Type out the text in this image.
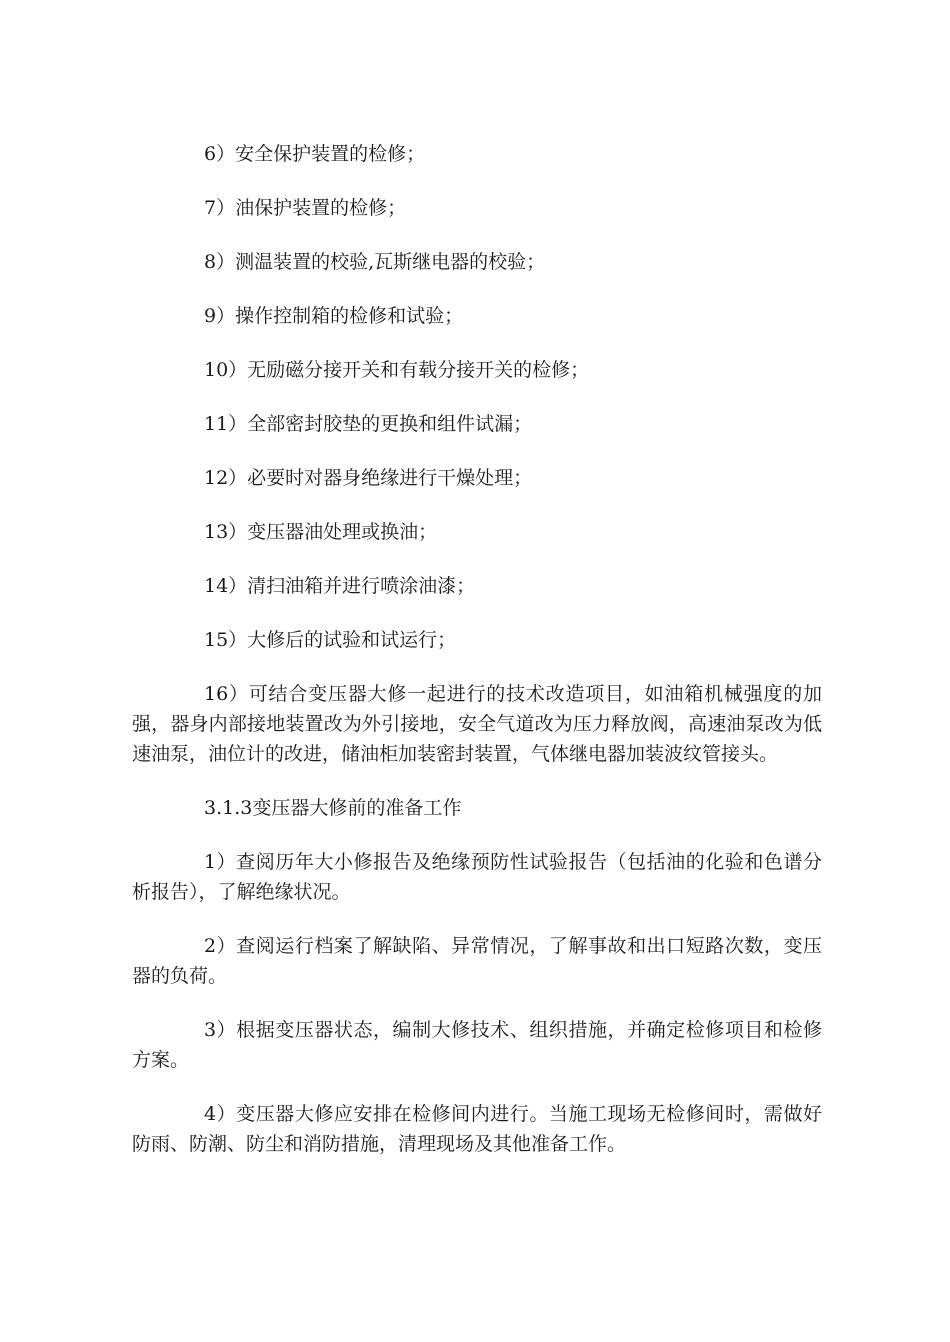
6）安全保护装置的检修；

7）油保护装置的检修；

8）测温装置的校验,瓦斯继电器的校验；

9）操作控制箱的检修和试验；

10）无励磁分接开关和有载分接开关的检修；

11）全部密封胶垫的更换和组件试漏；

12）必要时对器身绝缘进行干燥处理；

13）变压器油处理或换油；

14）清扫油箱并进行喷涂油漆；

15）大修后的试验和试运行；

16）可结合变压器大修一起进行的技术改造项目，如油箱机械强度的加强，器身内部接地装置改为外引接地，安全气道改为压力释放阀，高速油泵改为低速油泵，油位计的改进，储油柜加装密封装置，气体继电器加装波纹管接头。

3.1.3变压器大修前的准备工作

1）查阅历年大小修报告及绝缘预防性试验报告（包括油的化验和色谱分析报告），了解绝缘状况。

2）查阅运行档案了解缺陷、异常情况，了解事故和出口短路次数，变压器的负荷。

3）根据变压器状态，编制大修技术、组织措施，并确定检修项目和检修方案。

4）变压器大修应安排在检修间内进行。当施工现场无检修间时，需做好防雨、防潮、防尘和消防措施，清理现场及其他准备工作。
